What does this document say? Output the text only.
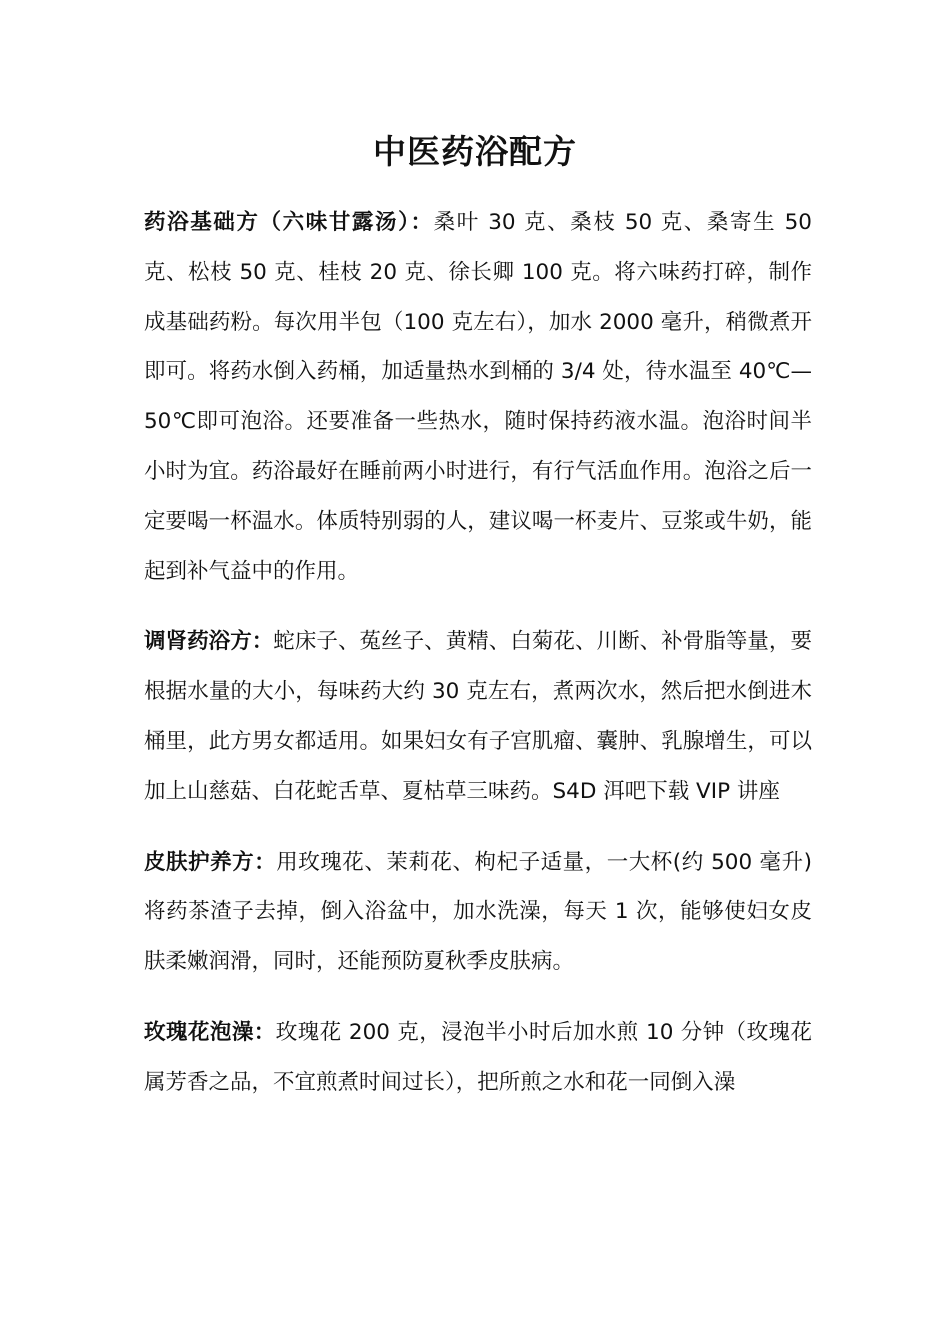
中医药浴配方

药浴基础方（六味甘露汤）：桑叶 30 克、桑枝 50 克、桑寄生 50 克、松枝 50 克、桂枝 20 克、徐长卿 100 克。将六味药打碎，制作成基础药粉。每次用半包（100 克左右），加水 2000 毫升，稍微煮开即可。将药水倒入药桶，加适量热水到桶的 3/4 处，待水温至 40℃—50℃即可泡浴。还要准备一些热水，随时保持药液水温。泡浴时间半小时为宜。药浴最好在睡前两小时进行，有行气活血作用。泡浴之后一定要喝一杯温水。体质特别弱的人，建议喝一杯麦片、豆浆或牛奶，能起到补气益中的作用。

调肾药浴方：蛇床子、菟丝子、黄精、白菊花、川断、补骨脂等量，要根据水量的大小，每味药大约 30 克左右，煮两次水，然后把水倒进木桶里，此方男女都适用。如果妇女有子宫肌瘤、囊肿、乳腺增生，可以加上山慈菇、白花蛇舌草、夏枯草三味药。S4D 洱吧下载 VIP 讲座

皮肤护养方：用玫瑰花、茉莉花、枸杞子适量，一大杯(约 500 毫升)将药茶渣子去掉，倒入浴盆中，加水洗澡，每天 1 次，能够使妇女皮肤柔嫩润滑，同时，还能预防夏秋季皮肤病。

玫瑰花泡澡：玫瑰花 200 克，浸泡半小时后加水煎 10 分钟（玫瑰花属芳香之品，不宜煎煮时间过长），把所煎之水和花一同倒入澡
